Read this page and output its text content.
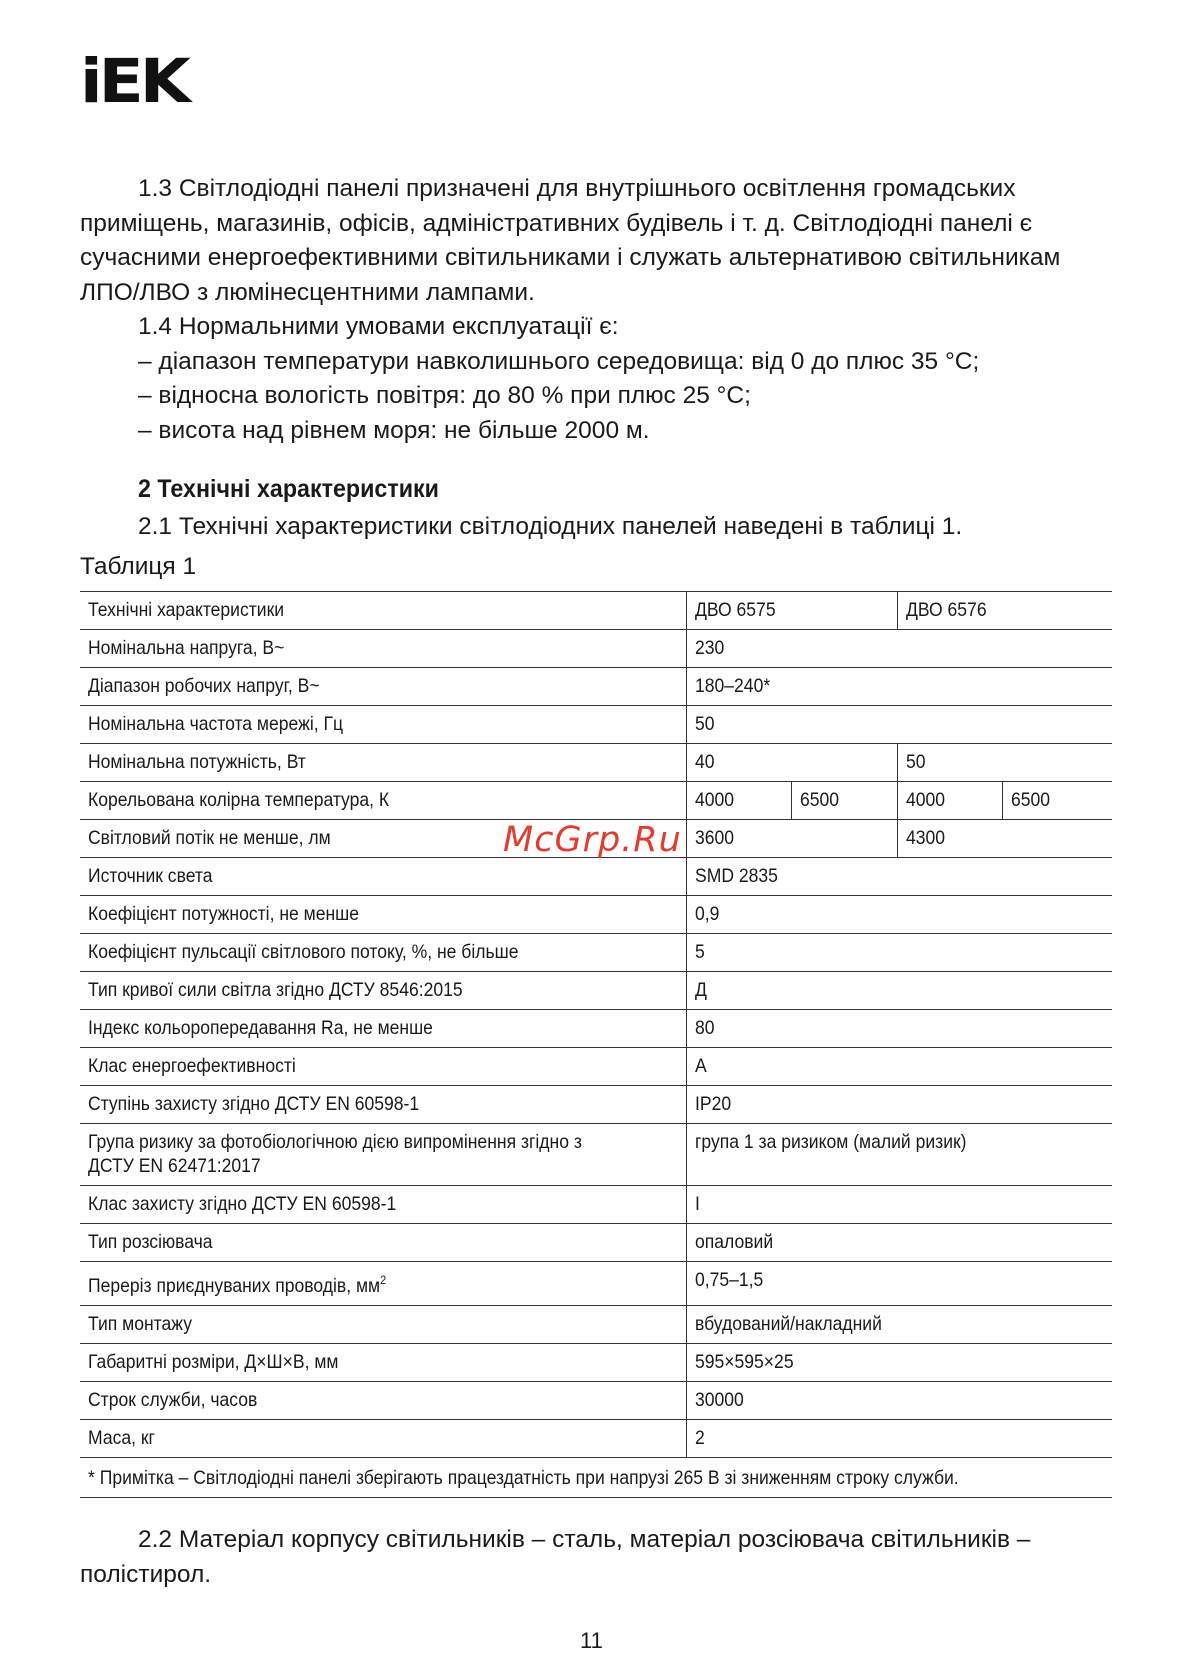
iEK

1.3 Світлодіодні панелі призначені для внутрішнього освітлення громадських приміщень, магазинів, офісів, адміністративних будівель і т. д. Світлодіодні панелі є сучасними енергоефективними світильниками і служать альтернативою світильникам ЛПО/ЛВО з люмінесцентними лампами.

1.4 Нормальними умовами експлуатації є:

– діапазон температури навколишнього середовища: від 0 до плюс 35 °С;

– відносна вологість повітря: до 80 % при плюс 25 °С;

– висота над рівнем моря: не більше 2000 м.

2 Технічні характеристики
2.1 Технічні характеристики світлодіодних панелей наведені в таблиці 1.
Таблиця 1
Технічні характеристики	ДВО 6575		ДВО 6576	
Номінальна напруга, В~	230			
Діапазон робочих напруг, В~	180–240*			
Номінальна частота мережі, Гц	50			
Номінальна потужність, Вт	40		50	
Корельована колірна температура, К	4000	6500	4000	6500
Світловий потік не менше, лм	3600		4300	
Источник света	SMD 2835			
Коефіцієнт потужності, не менше	0,9			
Коефіцієнт пульсації світлового потоку, %, не більше	5			
Тип кривої сили світла згідно ДСТУ 8546:2015	Д			
Індекс кольоропередавання Ra, не менше	80			
Клас енергоефективності	А			
Ступінь захисту згідно ДСТУ EN 60598-1	IP20			
Група ризику за фотобіологічною дією випромінення згідно з ДСТУ EN 62471:2017	група 1 за ризиком (малий ризик)			
Клас захисту згідно ДСТУ EN 60598-1	I			
Тип розсіювача	опаловий			
Переріз приєднуваних проводів, $мм^2$	0,75–1,5			
Тип монтажу	вбудований/накладний			
Габаритні розміри, Д×Ш×В, мм	595×595×25			
Строк служби, часов	30000			
Маса, кг	2			
* Примітка – Світлодіодні панелі зберігають працездатність при напрузі 265 В зі зниженням строку служби.				
McGrp.Ru

2.2 Матеріал корпусу світильників – сталь, матеріал розсіювача світильників – полістирол.

11
